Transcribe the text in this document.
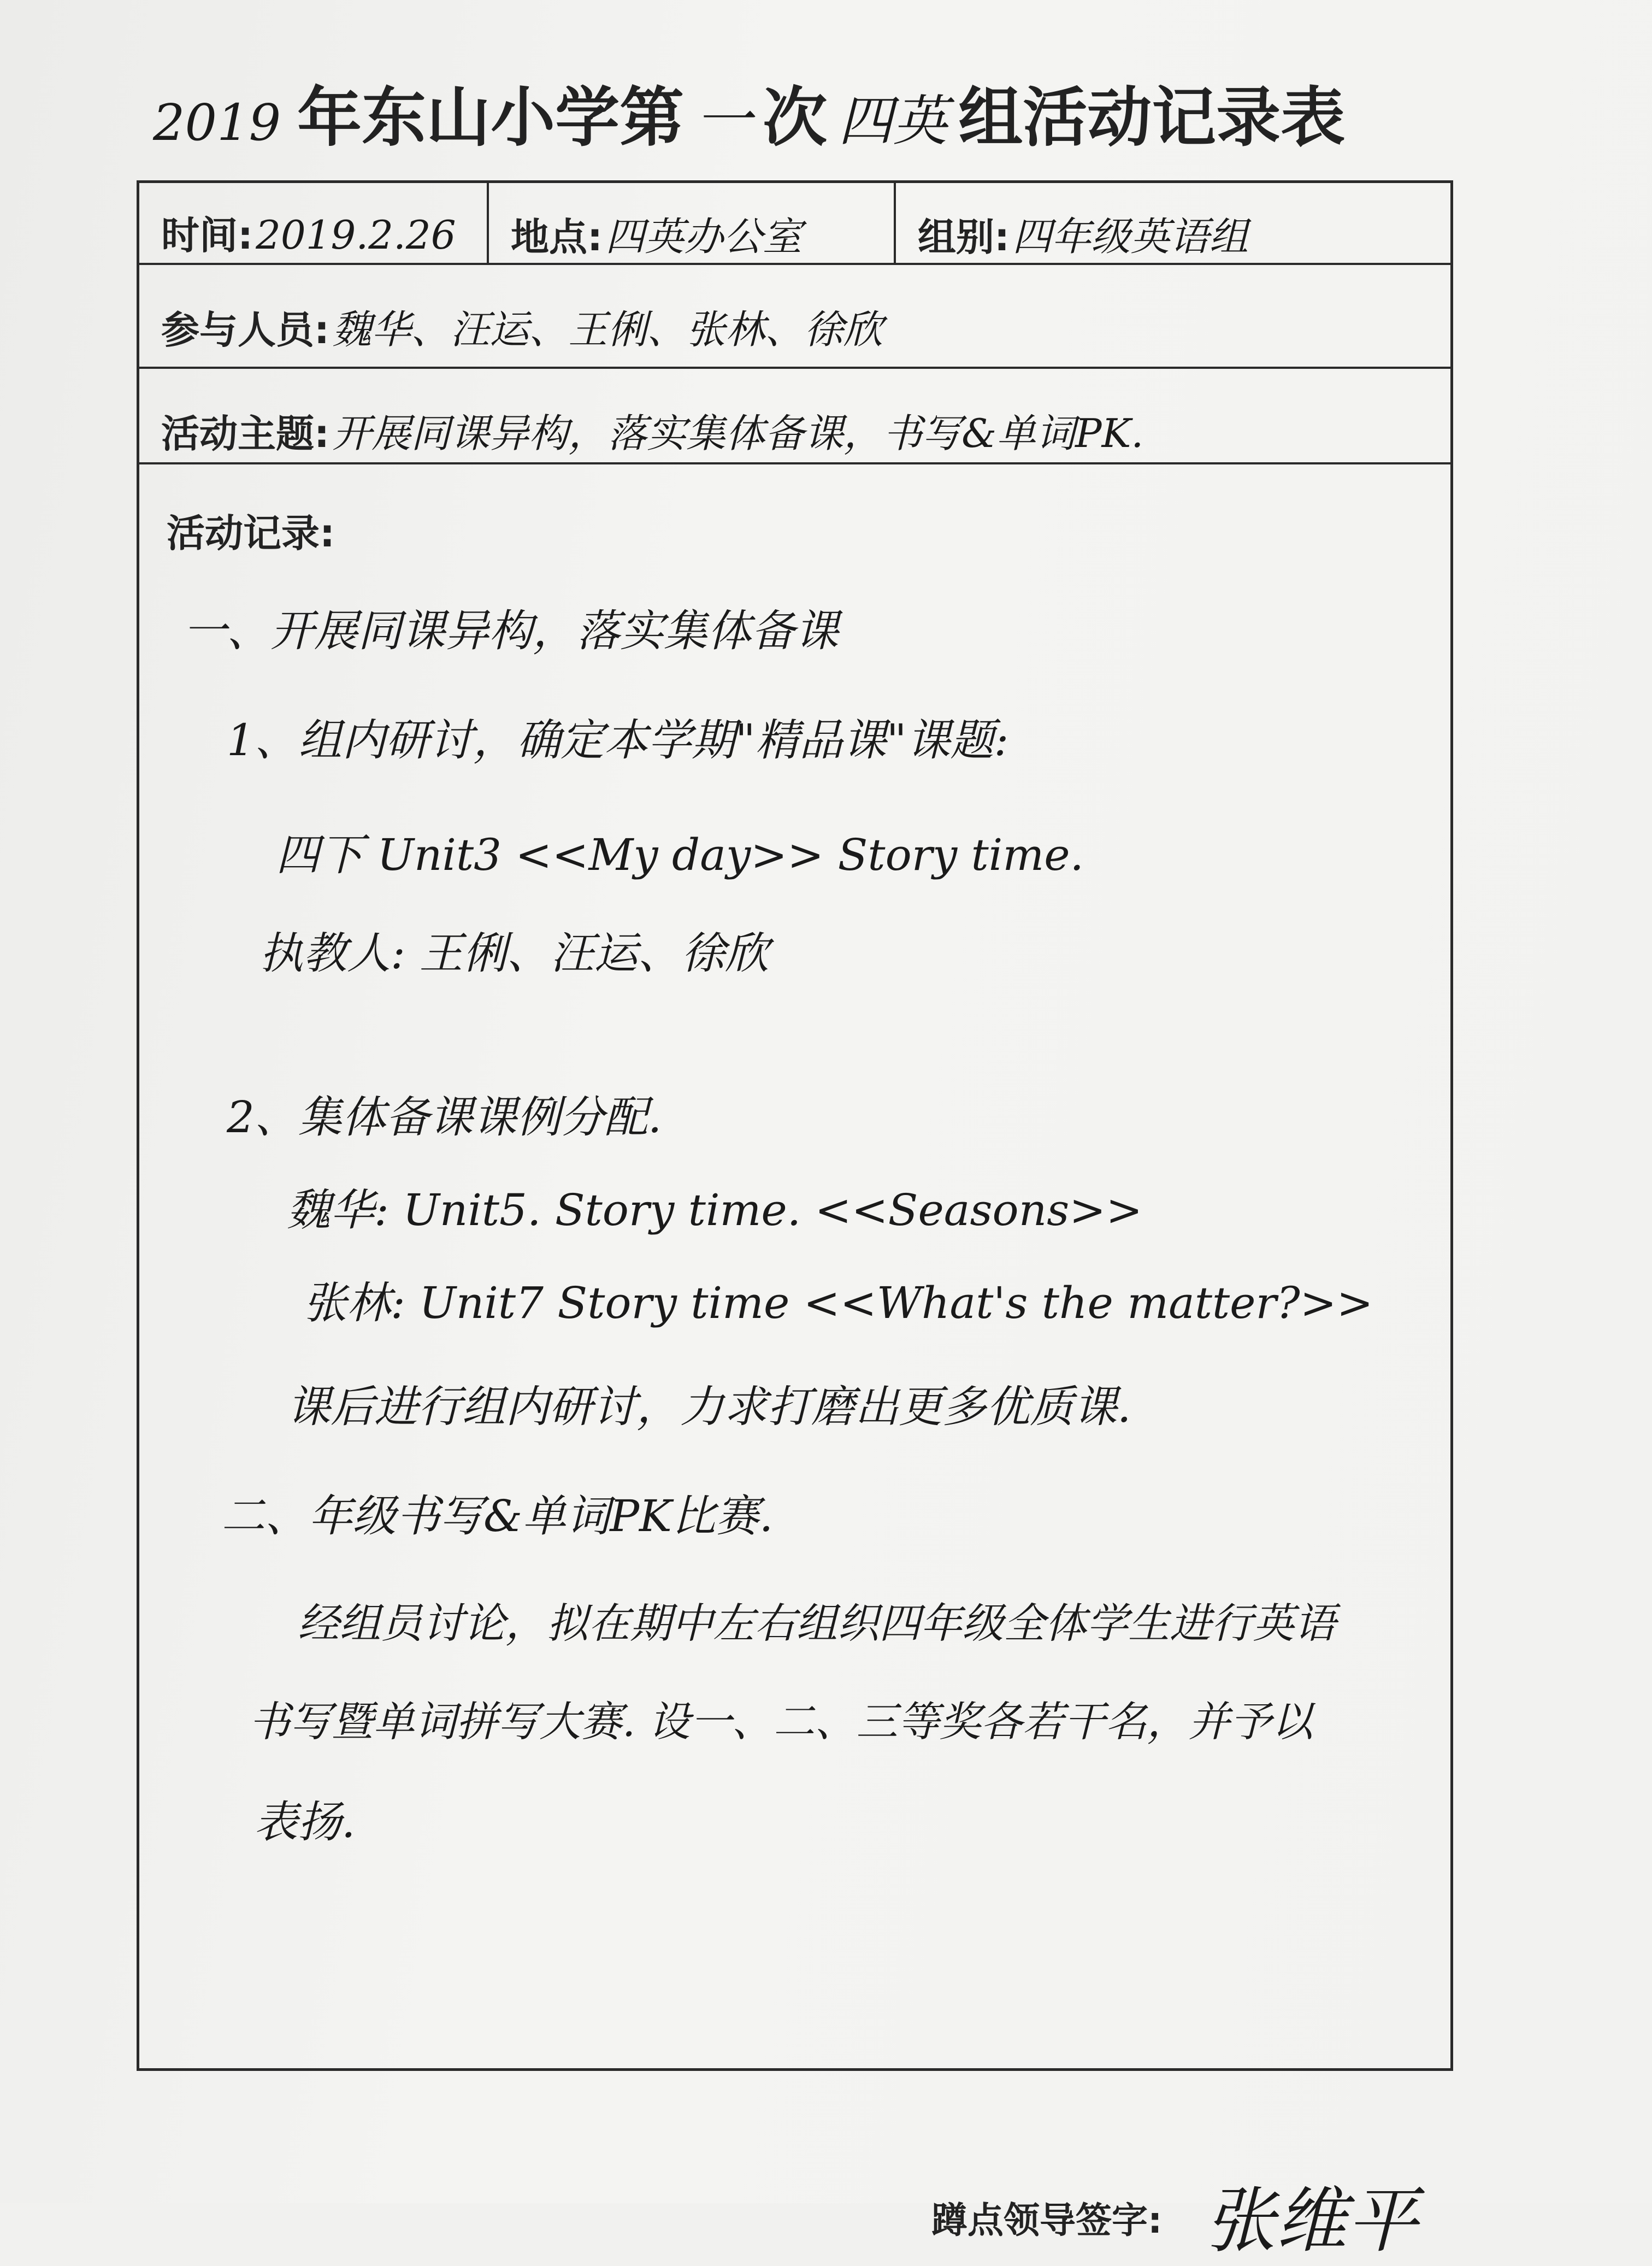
2019 年东山小学第 一 次 四英 组活动记录表
时间: 2019.2.26 地点: 四英办公室	组别: 四年级英语组
参与人员: 魏华、汪运、王俐、张林、徐欣
活动主题: 开展同课异构，落实集体备课，书写&单词PK.
活动记录:
一、开展同课异构，落实集体备课
1、组内研讨，确定本学期"精品课"课题:
四下 Unit3 <<My day>> Story time.
执教人: 王俐、汪运、徐欣
2、集体备课课例分配.
魏华: Unit5. Story time. <<Seasons>>
张林: Unit7 Story time <<What's the matter?>>
课后进行组内研讨，力求打磨出更多优质课.
二、年级书写&单词PK比赛.
经组员讨论，拟在期中左右组织四年级全体学生进行英语
书写暨单词拼写大赛. 设一、二、三等奖各若干名，并予以
表扬.
蹲点领导签字: 张维平
